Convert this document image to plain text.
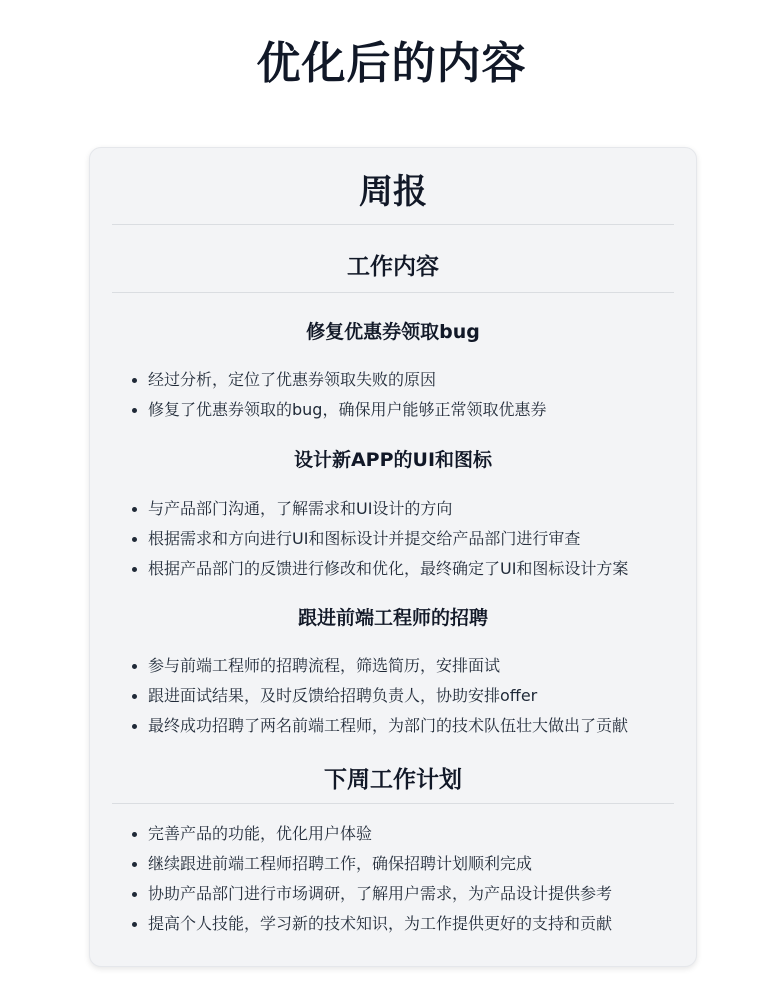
优化后的内容
周报
工作内容
修复优惠券领取bug
经过分析，定位了优惠券领取失败的原因
修复了优惠券领取的bug，确保用户能够正常领取优惠券
设计新APP的UI和图标
与产品部门沟通，了解需求和UI设计的方向
根据需求和方向进行UI和图标设计并提交给产品部门进行审查
根据产品部门的反馈进行修改和优化，最终确定了UI和图标设计方案
跟进前端工程师的招聘
参与前端工程师的招聘流程，筛选简历，安排面试
跟进面试结果，及时反馈给招聘负责人，协助安排offer
最终成功招聘了两名前端工程师，为部门的技术队伍壮大做出了贡献
下周工作计划
完善产品的功能，优化用户体验
继续跟进前端工程师招聘工作，确保招聘计划顺利完成
协助产品部门进行市场调研，了解用户需求，为产品设计提供参考
提高个人技能，学习新的技术知识，为工作提供更好的支持和贡献
